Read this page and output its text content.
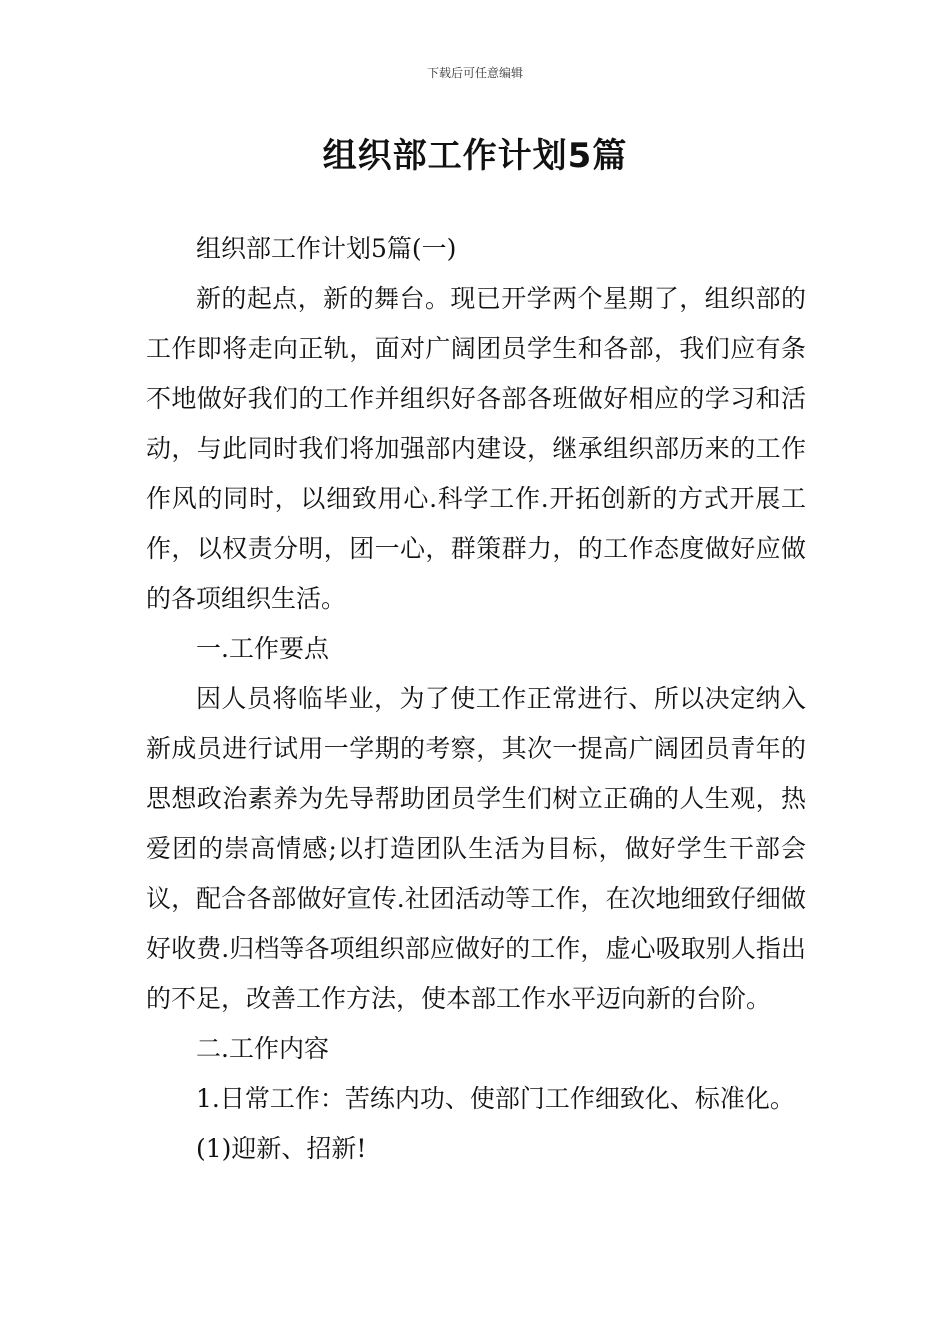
下载后可任意编辑
组织部工作计划5篇

组织部工作计划5篇(一)

新的起点，新的舞台。现已开学两个星期了，组织部的工作即将走向正轨，面对广阔团员学生和各部，我们应有条不地做好我们的工作并组织好各部各班做好相应的学习和活动，与此同时我们将加强部内建设，继承组织部历来的工作作风的同时，以细致用心.科学工作.开拓创新的方式开展工作，以权责分明，团一心，群策群力，的工作态度做好应做的各项组织生活。

一.工作要点

因人员将临毕业，为了使工作正常进行、所以决定纳入新成员进行试用一学期的考察，其次一提高广阔团员青年的思想政治素养为先导帮助团员学生们树立正确的人生观，热爱团的崇高情感;以打造团队生活为目标，做好学生干部会议，配合各部做好宣传.社团活动等工作，在次地细致仔细做好收费.归档等各项组织部应做好的工作，虚心吸取别人指出的不足，改善工作方法，使本部工作水平迈向新的台阶。

二.工作内容

1.日常工作：苦练内功、使部门工作细致化、标准化。

(1)迎新、招新!
